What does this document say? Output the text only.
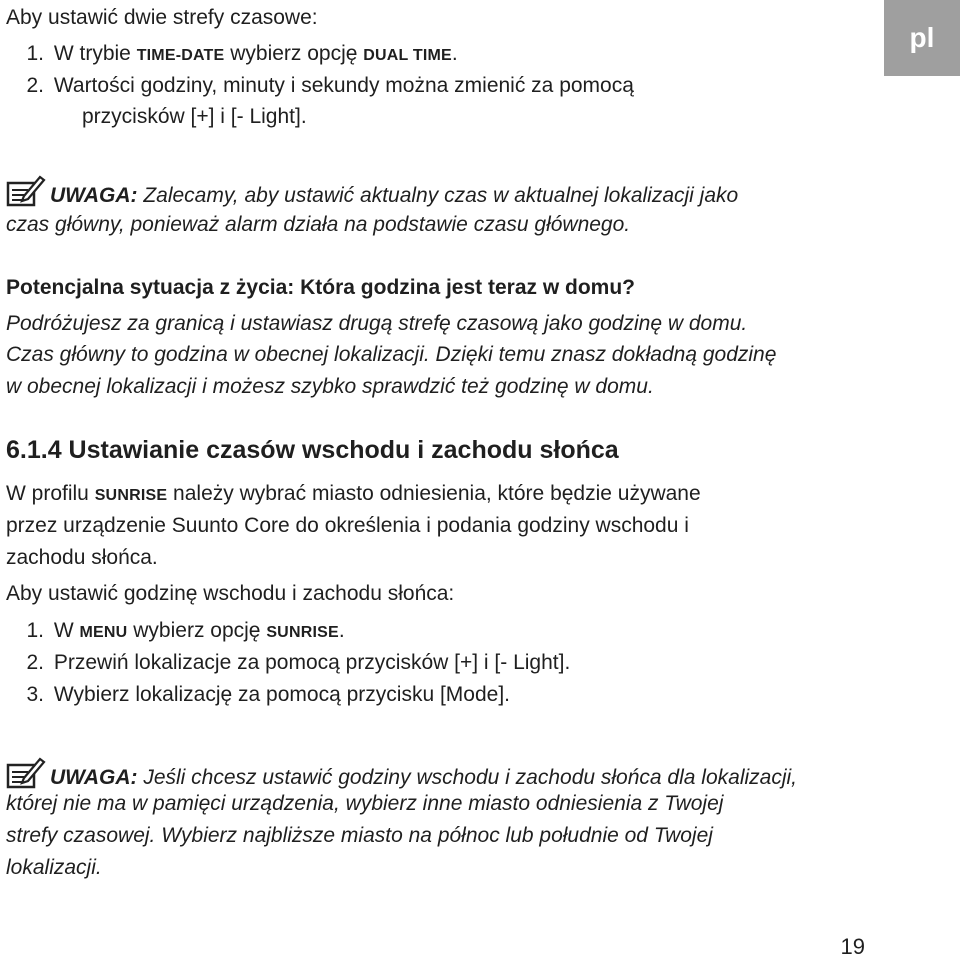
pl
Aby ustawić dwie strefy czasowe:
1. W trybie TIME-DATE wybierz opcję DUAL TIME.
2. Wartości godziny, minuty i sekundy można zmienić za pomocą
przycisków [+] i [- Light].
UWAGA: Zalecamy, aby ustawić aktualny czas w aktualnej lokalizacji jako
czas główny, ponieważ alarm działa na podstawie czasu głównego.
Potencjalna sytuacja z życia: Która godzina jest teraz w domu?
Podróżujesz za granicą i ustawiasz drugą strefę czasową jako godzinę w domu.
Czas główny to godzina w obecnej lokalizacji. Dzięki temu znasz dokładną godzinę
w obecnej lokalizacji i możesz szybko sprawdzić też godzinę w domu.
6.1.4 Ustawianie czasów wschodu i zachodu słońca
W profilu SUNRISE należy wybrać miasto odniesienia, które będzie używane
przez urządzenie Suunto Core do określenia i podania godziny wschodu i
zachodu słońca.
Aby ustawić godzinę wschodu i zachodu słońca:
1. W MENU wybierz opcję SUNRISE.
2. Przewiń lokalizacje za pomocą przycisków [+] i [- Light].
3. Wybierz lokalizację za pomocą przycisku [Mode].
UWAGA: Jeśli chcesz ustawić godziny wschodu i zachodu słońca dla lokalizacji,
której nie ma w pamięci urządzenia, wybierz inne miasto odniesienia z Twojej
strefy czasowej. Wybierz najbliższe miasto na północ lub południe od Twojej
lokalizacji.
19
